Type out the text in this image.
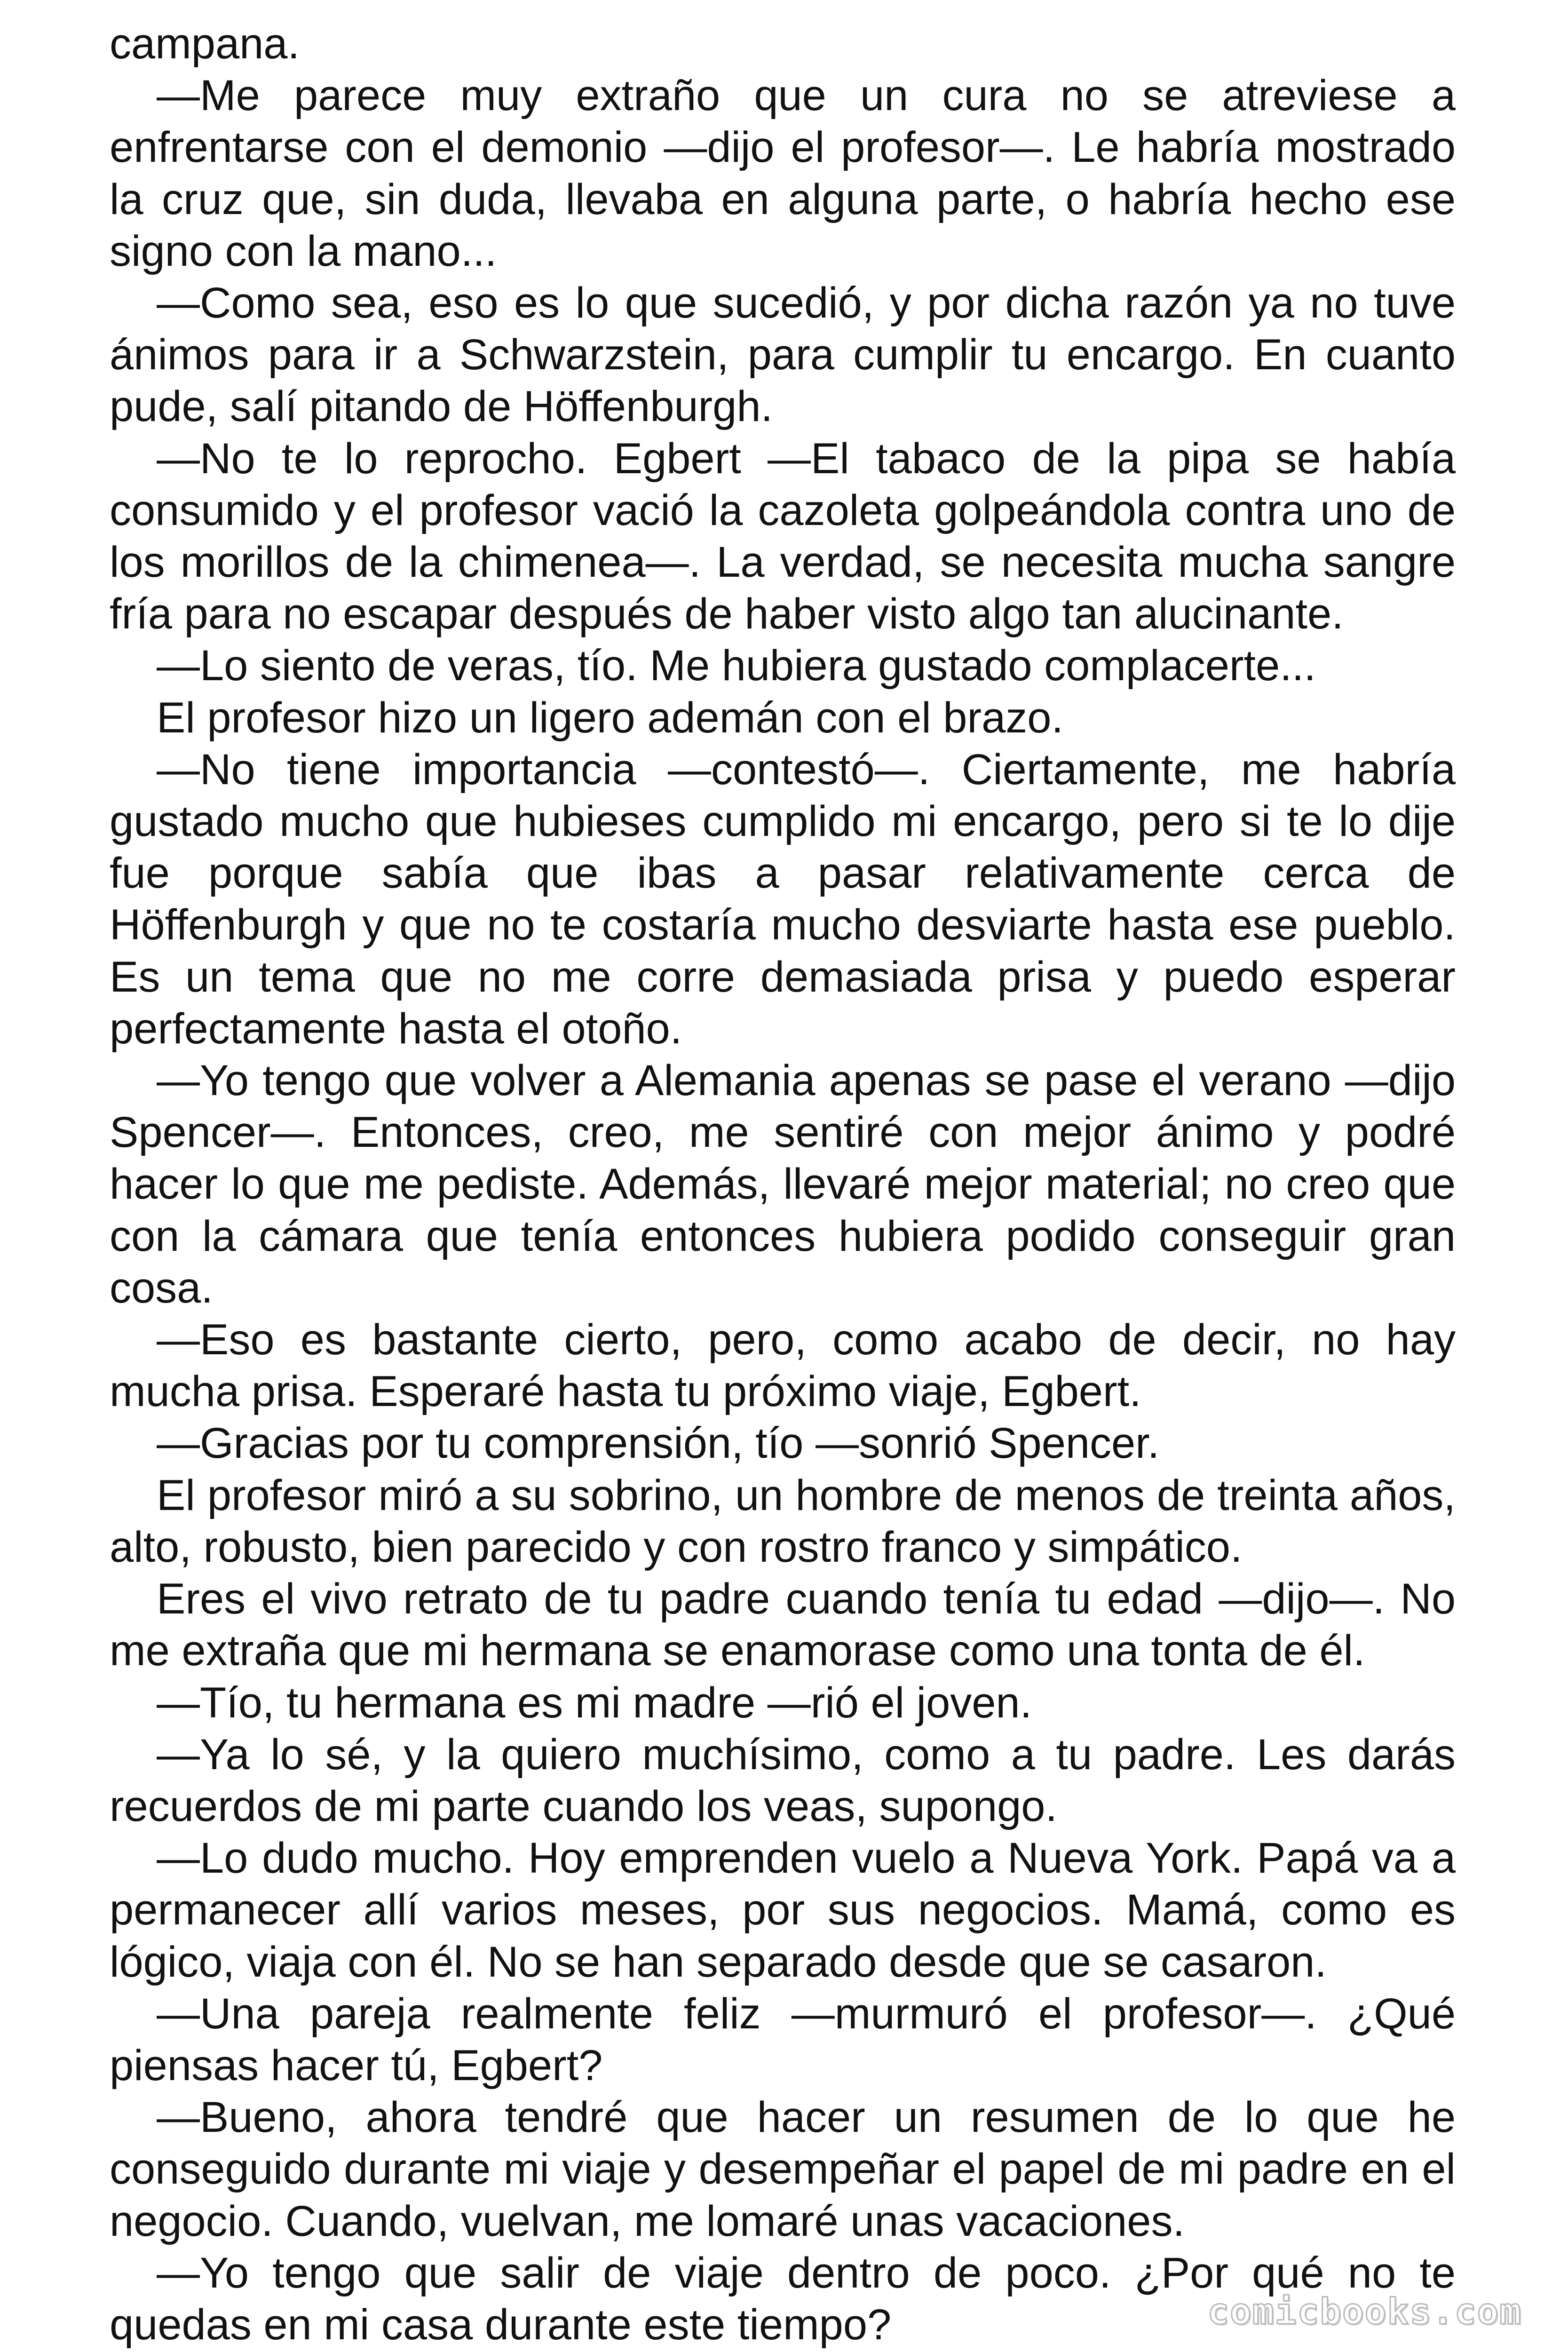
campana.

—Me parece muy extraño que un cura no se atreviese a enfrentarse con el demonio —dijo el profesor—. Le habría mostrado la cruz que, sin duda, llevaba en alguna parte, o habría hecho ese signo con la mano...

—Como sea, eso es lo que sucedió, y por dicha razón ya no tuve ánimos para ir a Schwarzstein, para cumplir tu encargo. En cuanto pude, salí pitando de Höffenburgh.

—No te lo reprocho. Egbert —El tabaco de la pipa se había consumido y el profesor vació la cazoleta golpeándola contra uno de los morillos de la chimenea—. La verdad, se necesita mucha sangre fría para no escapar después de haber visto algo tan alucinante.

—Lo siento de veras, tío. Me hubiera gustado complacerte...

El profesor hizo un ligero ademán con el brazo.

—No tiene importancia —contestó—. Ciertamente, me habría gustado mucho que hubieses cumplido mi encargo, pero si te lo dije fue porque sabía que ibas a pasar relativamente cerca de Höffenburgh y que no te costaría mucho desviarte hasta ese pueblo. Es un tema que no me corre demasiada prisa y puedo esperar perfectamente hasta el otoño.

—Yo tengo que volver a Alemania apenas se pase el verano —dijo Spencer—. Entonces, creo, me sentiré con mejor ánimo y podré hacer lo que me pediste. Además, llevaré mejor material; no creo que con la cámara que tenía entonces hubiera podido conseguir gran cosa.

—Eso es bastante cierto, pero, como acabo de decir, no hay mucha prisa. Esperaré hasta tu próximo viaje, Egbert.

—Gracias por tu comprensión, tío —sonrió Spencer.

El profesor miró a su sobrino, un hombre de menos de treinta años, alto, robusto, bien parecido y con rostro franco y simpático.

Eres el vivo retrato de tu padre cuando tenía tu edad —dijo—. No me extraña que mi hermana se enamorase como una tonta de él.

—Tío, tu hermana es mi madre —rió el joven.

—Ya lo sé, y la quiero muchísimo, como a tu padre. Les darás recuerdos de mi parte cuando los veas, supongo.

—Lo dudo mucho. Hoy emprenden vuelo a Nueva York. Papá va a permanecer allí varios meses, por sus negocios. Mamá, como es lógico, viaja con él. No se han separado desde que se casaron.

—Una pareja realmente feliz —murmuró el profesor—. ¿Qué piensas hacer tú, Egbert?

—Bueno, ahora tendré que hacer un resumen de lo que he conseguido durante mi viaje y desempeñar el papel de mi padre en el negocio. Cuando, vuelvan, me lomaré unas vacaciones.

—Yo tengo que salir de viaje dentro de poco. ¿Por qué no te quedas en mi casa durante este tiempo?	comicbooks.com
